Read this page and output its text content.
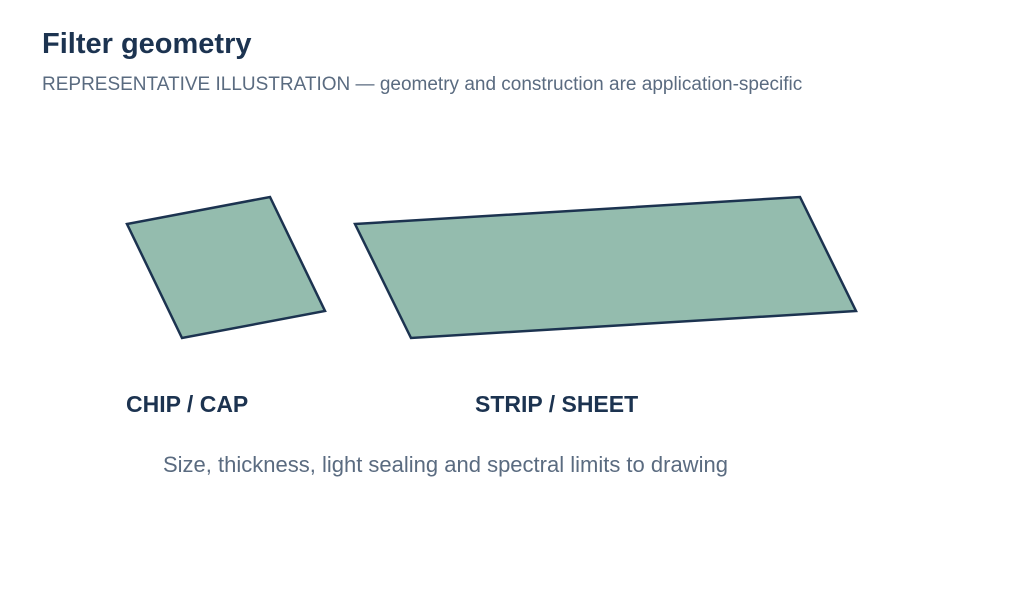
Filter geometry
REPRESENTATIVE ILLUSTRATION — geometry and construction are application-specific
CHIP / CAP	STRIP / SHEET
Size, thickness, light sealing and spectral limits to drawing
